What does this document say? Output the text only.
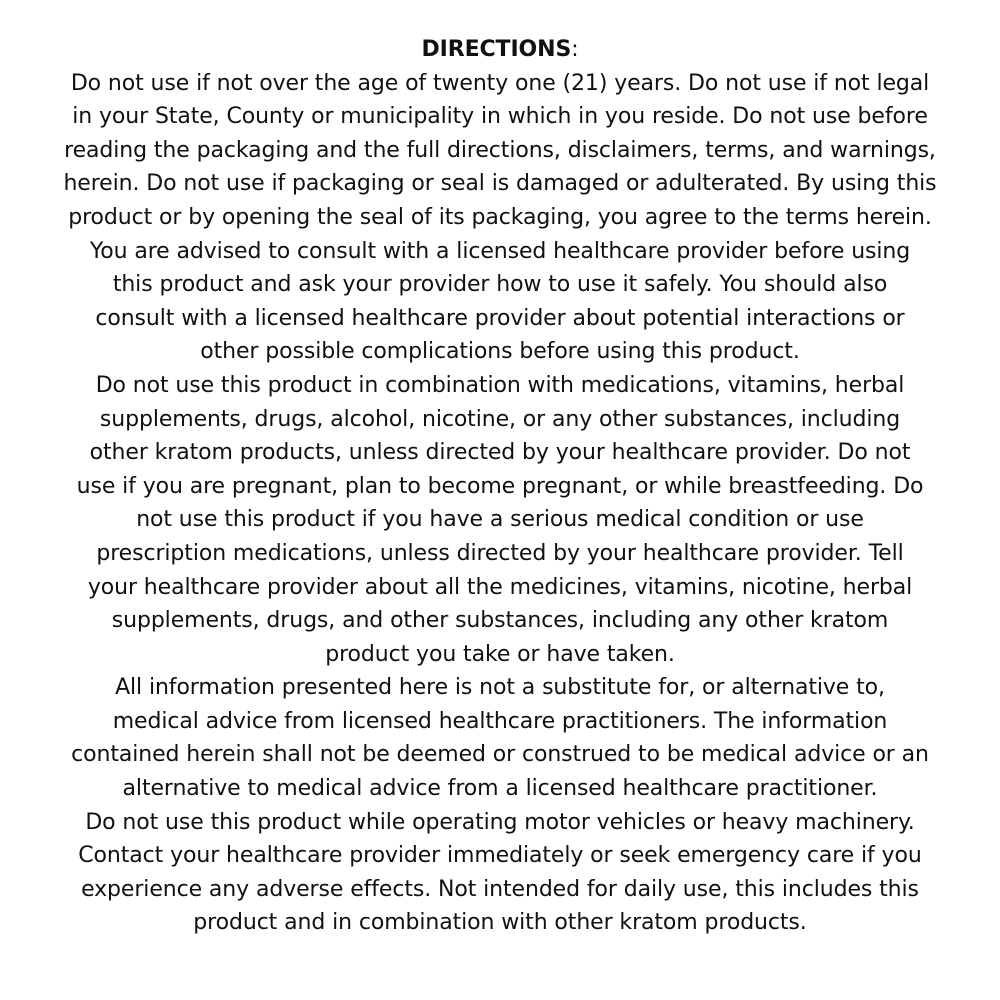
DIRECTIONS:
Do not use if not over the age of twenty one (21) years. Do not use if not legal
in your State, County or municipality in which in you reside. Do not use before
reading the packaging and the full directions, disclaimers, terms, and warnings,
herein. Do not use if packaging or seal is damaged or adulterated. By using this
product or by opening the seal of its packaging, you agree to the terms herein.
You are advised to consult with a licensed healthcare provider before using
this product and ask your provider how to use it safely. You should also
consult with a licensed healthcare provider about potential interactions or
other possible complications before using this product.
Do not use this product in combination with medications, vitamins, herbal
supplements, drugs, alcohol, nicotine, or any other substances, including
other kratom products, unless directed by your healthcare provider. Do not
use if you are pregnant, plan to become pregnant, or while breastfeeding. Do
not use this product if you have a serious medical condition or use
prescription medications, unless directed by your healthcare provider. Tell
your healthcare provider about all the medicines, vitamins, nicotine, herbal
supplements, drugs, and other substances, including any other kratom
product you take or have taken.
All information presented here is not a substitute for, or alternative to,
medical advice from licensed healthcare practitioners. The information
contained herein shall not be deemed or construed to be medical advice or an
alternative to medical advice from a licensed healthcare practitioner.
Do not use this product while operating motor vehicles or heavy machinery.
Contact your healthcare provider immediately or seek emergency care if you
experience any adverse effects. Not intended for daily use, this includes this
product and in combination with other kratom products.
